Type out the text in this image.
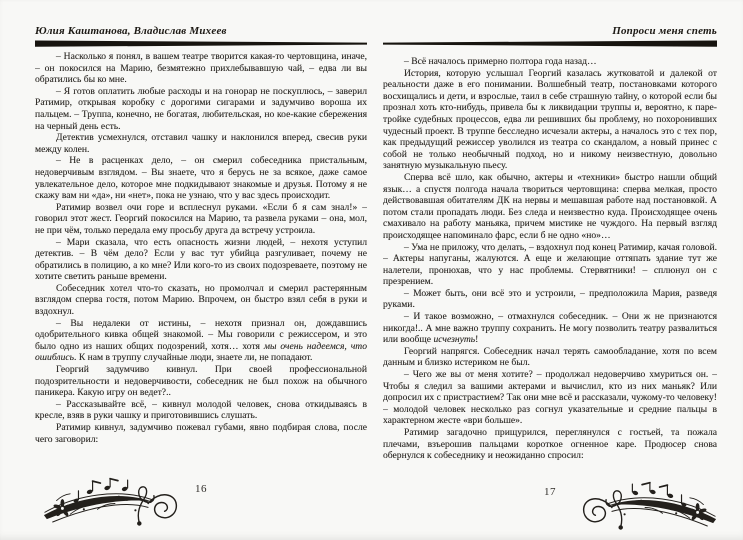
Юлия Каштанова, Владислав Михеев

– Насколько я понял, в вашем театре творится какая-то чертовщина, иначе, – он покосился на Марию, безмятежно прихлебывавшую чай, – едва ли вы обратились бы ко мне.

– Я готов оплатить любые расходы и на гонорар не поскуплюсь, – заверил Ратимир, открывая коробку с дорогими сигарами и задумчиво вороша их пальцем. – Труппа, конечно, не богатая, любительская, но кое-какие сбережения на черный день есть.

Детектив усмехнулся, отставил чашку и наклонился вперед, свесив руки между колен.

– Не в расценках дело, – он смерил собеседника пристальным, недоверчивым взглядом. – Вы знаете, что я берусь не за всякое, даже самое увлекательное дело, которое мне подкидывают знакомые и друзья. Потому я не скажу вам ни «да», ни «нет», пока не узнаю, что у вас здесь происходит.

Ратимир возвел очи горе и всплеснул руками. «Если б я сам знал!» – говорил этот жест. Георгий покосился на Марию, та развела руками – она, мол, не при чём, только передала ему просьбу друга да встречу устроила.

– Мари сказала, что есть опасность жизни людей, – нехотя уступил детектив. – В чём дело? Если у вас тут убийца разгуливает, почему не обратились в полицию, а ко мне? Или кого-то из своих подозреваете, поэтому не хотите светить раньше времени.

Собеседник хотел что-то сказать, но промолчал и смерил растерянным взглядом сперва гостя, потом Марию. Впрочем, он быстро взял себя в руки и вздохнул.

– Вы недалеки от истины, – нехотя признал он, дождавшись одобрительного кивка общей знакомой. – Мы говорили с режиссером, и это было одно из наших общих подозрений, хотя… хотя мы очень надеемся, что ошиблись. К нам в труппу случайные люди, знаете ли, не попадают.

Георгий задумчиво кивнул. При своей профессиональной подозрительности и недоверчивости, собеседник не был похож на обычного паникера. Какую игру он ведет?..

– Рассказывайте всё, – кивнул молодой человек, снова откидываясь в кресле, взяв в руки чашку и приготовившись слушать.

Ратимир кивнул, задумчиво пожевал губами, явно подбирая слова, после чего заговорил:

16
Попроси меня спеть

– Всё началось примерно полтора года назад…

История, которую услышал Георгий казалась жутковатой и далекой от реальности даже в его понимании. Волшебный театр, постановками которого восхищались и дети, и взрослые, таил в себе страшную тайну, о которой если бы прознал хоть кто-нибудь, привела бы к ликвидации труппы и, вероятно, к паре-тройке судебных процессов, едва ли решивших бы проблему, но похоронивших чудесный проект. В труппе бесследно исчезали актеры, а началось это с тех пор, как предыдущий режиссер уволился из театра со скандалом, а новый принес с собой не только необычный подход, но и никому неизвестную, довольно занятную музыкальную пьесу.

Сперва всё шло, как обычно, актеры и «техники» быстро нашли общий язык… а спустя полгода начала твориться чертовщина: сперва мелкая, просто действовавшая обитателям ДК на нервы и мешавшая работе над постановкой. А потом стали пропадать люди. Без следа и неизвестно куда. Происходящее очень смахивало на работу маньяка, причем мистике не чуждого. На первый взгляд происходящее напоминало фарс, если б не одно «но»…

– Ума не приложу, что делать, – вздохнул под конец Ратимир, качая головой. – Актеры напуганы, жалуются. А еще и желающие оттяпать здание тут же налетели, пронюхав, что у нас проблемы. Стервятники! – сплюнул он с презрением.

– Может быть, они всё это и устроили, – предположила Мария, разведя руками.

– И такое возможно, – отмахнулся собеседник. – Они ж не признаются никогда!.. А мне важно труппу сохранить. Не могу позволить театру развалиться или вообще исчезнуть!

Георгий напрягся. Собеседник начал терять самообладание, хотя по всем данным и близко истериком не был.

– Чего же вы от меня хотите? – продолжал недоверчиво хмуриться он. – Чтобы я следил за вашими актерами и вычислил, кто из них маньяк? Или допросил их с пристрастием? Так они мне всё и рассказали, чужому-то человеку! – молодой человек несколько раз согнул указательные и средние пальцы в характерном жесте «ври больше».

Ратимир загадочно прищурился, переглянулся с гостьей, та пожала плечами, взъерошив пальцами короткое огненное каре. Продюсер снова обернулся к собеседнику и неожиданно спросил:

17
